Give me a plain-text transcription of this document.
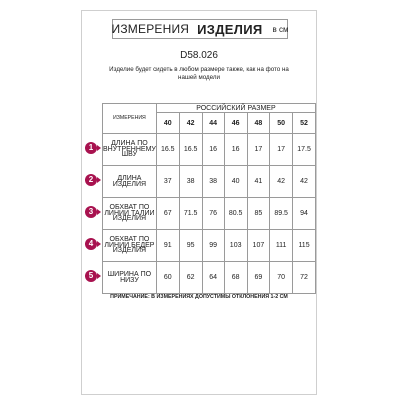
ИЗМЕРЕНИЯ ИЗДЕЛИЯ в см
D58.026
Изделие будет сидеть в любом размере также, как на фото на
нашей модели
ИЗМЕРЕНИЯ	РОССИЙСКИЙ РАЗМЕР						
	40	42	44	46	48	50	52

ДЛИНА ПО
ВНУТРЕННЕМУ
ШВУ	16.5	16.5	16	16	17	17	17.5

ДЛИНА ИЗДЕЛИЯ	37	38	38	40	41	42	42

ОБХВАТ ПО
ЛИНИИ ТАЛИИ
ИЗДЕЛИЯ	67	71.5	76	80.5	85	89.5	94

ОБХВАТ ПО
ЛИНИИ БЕДЕР
ИЗДЕЛИЯ	91	95	99	103	107	111	115

ШИРИНА ПО
НИЗУ	60	62	64	68	69	70	72
1
2
3
4
5
ПРИМЕЧАНИЕ: В ИЗМЕРЕНИЯХ ДОПУСТИМЫ ОТКЛОНЕНИЯ 1-2 СМ
